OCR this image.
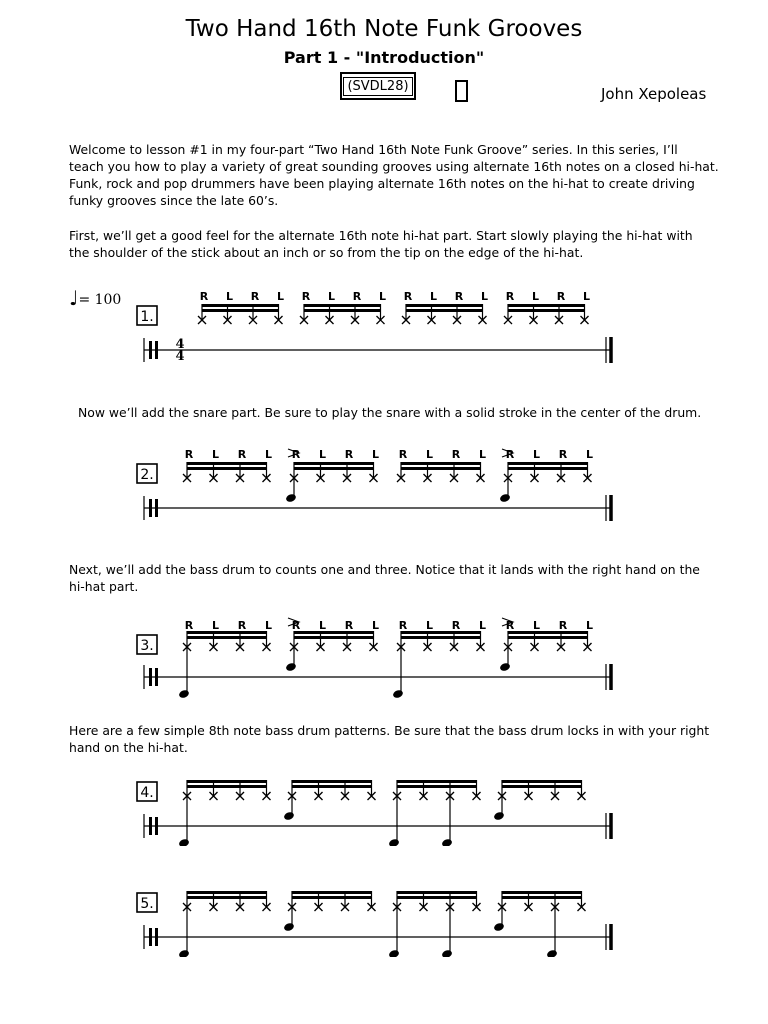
Two Hand 16th Note Funk Grooves
Part 1 - "Introduction"
(SVDL28)	John Xepoleas
Welcome to lesson #1 in my four-part “Two Hand 16th Note Funk Groove” series. In this series, I’ll
teach you how to play a variety of great sounding grooves using alternate 16th notes on a closed hi-hat.
Funk, rock and pop drummers have been playing alternate 16th notes on the hi-hat to create driving
funky grooves since the late 60’s.
First, we’ll get a good feel for the alternate 16th note hi-hat part. Start slowly playing the hi-hat with
the shoulder of the stick about an inch or so from the tip on the edge of the hi-hat.
♩= 100
Now we’ll add the snare part. Be sure to play the snare with a solid stroke in the center of the drum.
Next, we’ll add the bass drum to counts one and three. Notice that it lands with the right hand on the
hi-hat part.
Here are a few simple 8th note bass drum patterns. Be sure that the bass drum locks in with your right
hand on the hi-hat.
1.
4
4
R L R L R L R L R L R L R L R L
2.
R L R L R L R L R L R L R L R L
3.
R L R L R L R L R L R L R L R L
4.
5.
